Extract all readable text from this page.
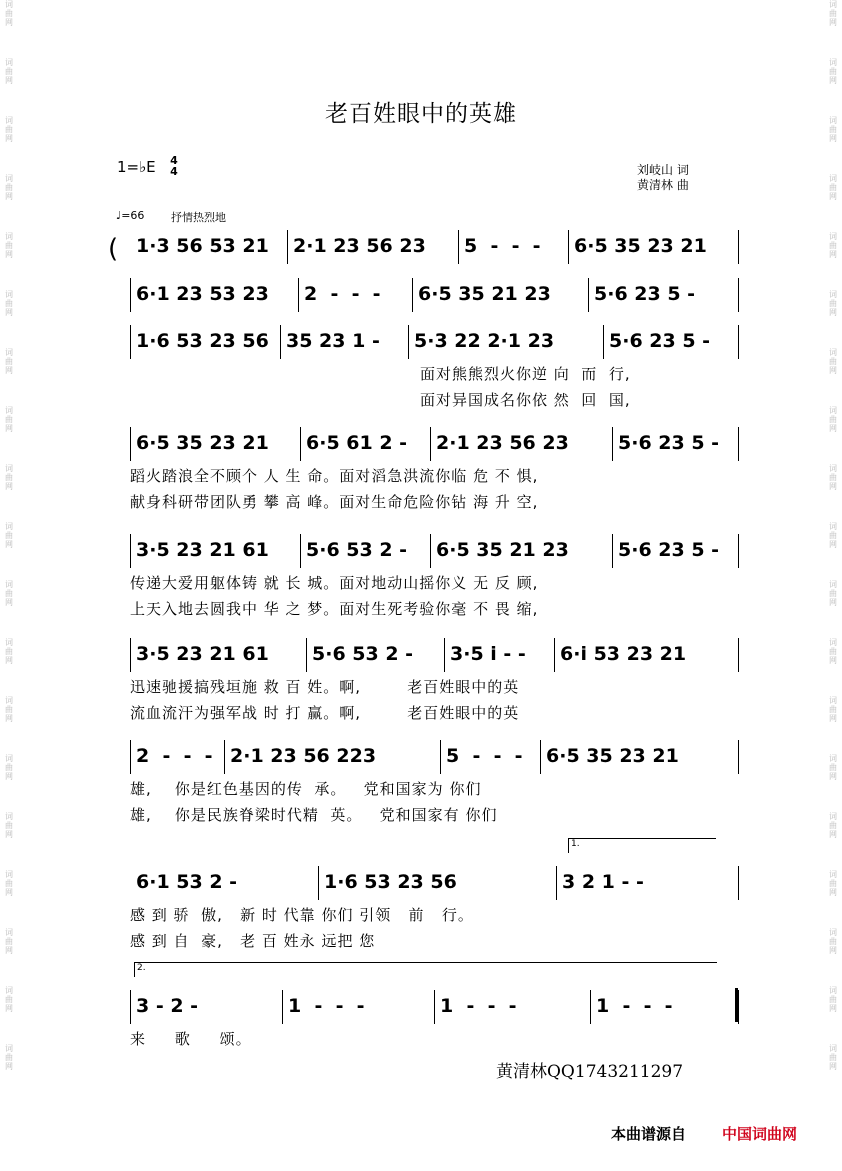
词曲网
词曲网
词曲网
词曲网
词曲网
词曲网
词曲网
词曲网
词曲网
词曲网
词曲网
词曲网
词曲网
词曲网
词曲网
词曲网
词曲网
词曲网
词曲网
词曲网
词曲网
词曲网
词曲网
词曲网
词曲网
词曲网
词曲网
词曲网
词曲网
词曲网
词曲网
词曲网
词曲网
词曲网
词曲网
词曲网
词曲网
词曲网
老百姓眼中的英雄
1=♭E 4
4	刘岐山 词
黄清林 曲
♩=66 抒情热烈地
1·3 56 53 21 2·1 23 56 23 5  -  -  - 6·5 35 23 21
6·1 23 53 23 2  -  -  - 6·5 35 21 23 5·6 23 5 -
1·6 53 23 56 35 23 1 - 5·3 22 2·1 23	5·6 23 5 -
面对熊熊烈火你逆 向  而  行,
面对异国成名你依 然  回  国,
6·5 35 23 21 6·5 61 2 - 2·1 23 56 23	5·6 23 5 -
蹈火踏浪全不顾个 人 生 命。面对滔急洪流你临 危 不 惧,
献身科研带团队勇 攀 高 峰。面对生命危险你钻 海 升 空,
3·5 23 21 61 5·6 53 2 - 6·5 35 21 23	5·6 23 5 -
传递大爱用躯体铸 就 长 城。面对地动山摇你义 无 反 顾,
上天入地去圆我中 华 之 梦。面对生死考验你毫 不 畏 缩,
3·5 23 21 61 5·6 53 2 - 3·5 i - - 6·i 53 23 21
迅速驰援搞残垣施 救 百 姓。啊,        老百姓眼中的英
流血流汗为强军战 时 打 赢。啊,        老百姓眼中的英
2  -  -  - 2·1 23 56 223	5  -  -  - 6·5 35 23 21
雄,    你是红色基因的传  承。   党和国家为 你们
雄,    你是民族脊梁时代精  英。   党和国家有 你们
6·1 53 2 -	1·6 53 23 56	3 2 1 - -
感 到 骄  傲,   新 时 代靠 你们 引领   前   行。
感 到 自  豪,   老 百 姓永 远把 您
3 - 2 -	1  -  -  -	1  -  -  -	1  -  -  -
来     歌     颂。
(
1.
2.
黄清林QQ1743211297
本曲谱源自 中国词曲网
